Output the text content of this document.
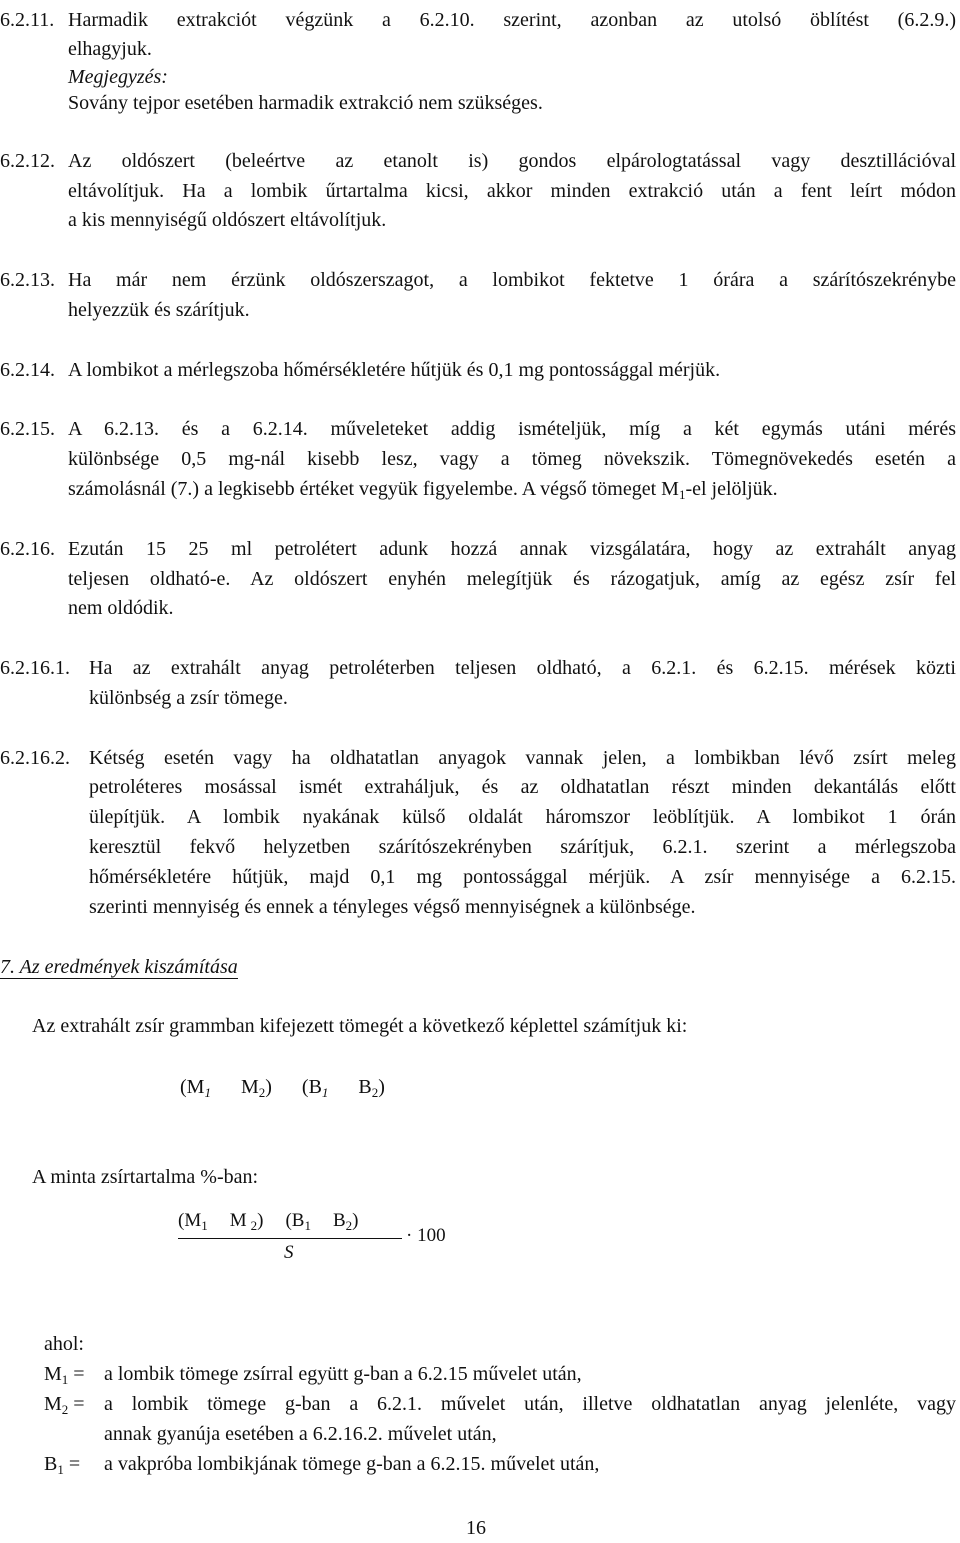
6.2.11. Harmadik extrakciót végzünk a 6.2.10. szerint, azonban az utolsó öblítést (6.2.9.)
elhagyjuk.
Megjegyzés:
Sovány tejpor esetében harmadik extrakció nem szükséges.
6.2.12. Az oldószert (beleértve az etanolt is) gondos elpárologtatással vagy desztillációval
eltávolítjuk. Ha a lombik űrtartalma kicsi, akkor minden extrakció után a fent leírt módon
a kis mennyiségű oldószert eltávolítjuk.
6.2.13. Ha már nem érzünk oldószerszagot, a lombikot fektetve 1 órára a szárítószekrénybe
helyezzük és szárítjuk.
6.2.14. A lombikot a mérlegszoba hőmérsékletére hűtjük és 0,1 mg pontossággal mérjük.
6.2.15. A 6.2.13. és a 6.2.14. műveleteket addig ismételjük, míg a két egymás utáni mérés
különbsége 0,5 mg-nál kisebb lesz, vagy a tömeg növekszik. Tömegnövekedés esetén a
számolásnál (7.) a legkisebb értéket vegyük figyelembe. A végső tömeget $M_1-el$ jelöljük.
6.2.16. Ezután 15 25 ml petrolétert adunk hozzá annak vizsgálatára, hogy az extrahált anyag
teljesen oldható-e. Az oldószert enyhén melegítjük és rázogatjuk, amíg az egész zsír fel
nem oldódik.
6.2.16.1. Ha az extrahált anyag petroléterben teljesen oldható, a 6.2.1. és 6.2.15. mérések közti
különbség a zsír tömege.
6.2.16.2. Kétség esetén vagy ha oldhatatlan anyagok vannak jelen, a lombikban lévő zsírt meleg
petroléteres mosással ismét extraháljuk, és az oldhatatlan részt minden dekantálás előtt
ülepítjük. A lombik nyakának külső oldalát háromszor leöblítjük. A lombikot 1 órán
keresztül fekvő helyzetben szárítószekrényben szárítjuk, 6.2.1. szerint a mérlegszoba
hőmérsékletére hűtjük, majd 0,1 mg pontossággal mérjük. A zsír mennyisége a 6.2.15.
szerinti mennyiség és ennek a tényleges végső mennyiségnek a különbsége.
7. Az eredmények kiszámítása
Az extrahált zsír grammban kifejezett tömegét a következő képlettel számítjuk ki:
($M_1$ $M_2$) ($B_1$ $B_2$)
A minta zsírtartalma %-ban:
($M_1$ M $_2$) ($B_1$ $B_2$)
S
· 100
ahol:
$M_1 = a$ lombik tömege zsírral együtt g-ban a 6.2.15 művelet után,
$M_2 = a$ lombik tömege g-ban a 6.2.1. művelet után, illetve oldhatatlan anyag jelenléte, vagy
annak gyanúja esetében a 6.2.16.2. művelet után,
$B_1 = a$ vakpróba lombikjának tömege g-ban a 6.2.15. művelet után,
16
